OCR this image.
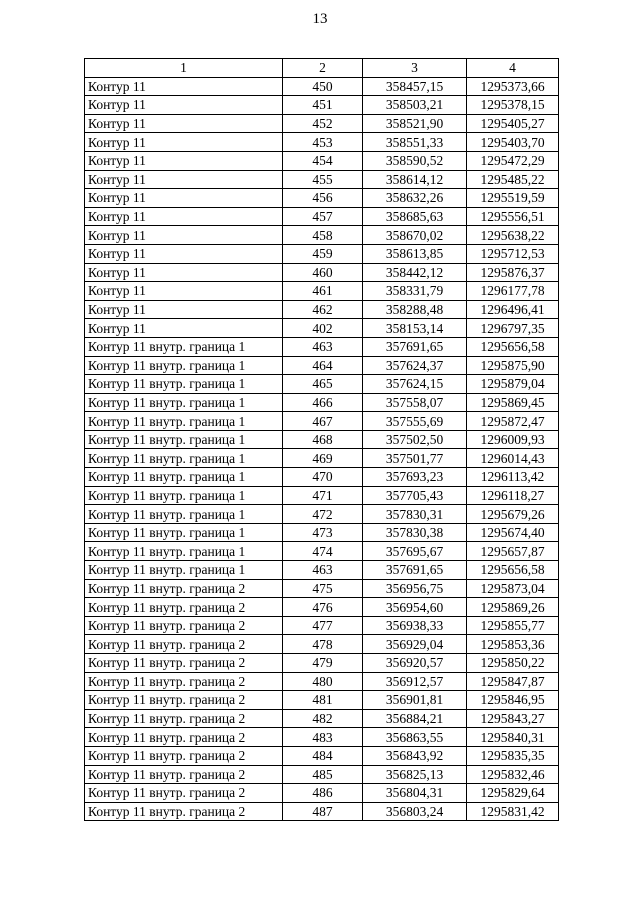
13
1	2	3	4
Контур 11	450	358457,15	1295373,66
Контур 11	451	358503,21	1295378,15
Контур 11	452	358521,90	1295405,27
Контур 11	453	358551,33	1295403,70
Контур 11	454	358590,52	1295472,29
Контур 11	455	358614,12	1295485,22
Контур 11	456	358632,26	1295519,59
Контур 11	457	358685,63	1295556,51
Контур 11	458	358670,02	1295638,22
Контур 11	459	358613,85	1295712,53
Контур 11	460	358442,12	1295876,37
Контур 11	461	358331,79	1296177,78
Контур 11	462	358288,48	1296496,41
Контур 11	402	358153,14	1296797,35
Контур 11 внутр. граница 1	463	357691,65	1295656,58
Контур 11 внутр. граница 1	464	357624,37	1295875,90
Контур 11 внутр. граница 1	465	357624,15	1295879,04
Контур 11 внутр. граница 1	466	357558,07	1295869,45
Контур 11 внутр. граница 1	467	357555,69	1295872,47
Контур 11 внутр. граница 1	468	357502,50	1296009,93
Контур 11 внутр. граница 1	469	357501,77	1296014,43
Контур 11 внутр. граница 1	470	357693,23	1296113,42
Контур 11 внутр. граница 1	471	357705,43	1296118,27
Контур 11 внутр. граница 1	472	357830,31	1295679,26
Контур 11 внутр. граница 1	473	357830,38	1295674,40
Контур 11 внутр. граница 1	474	357695,67	1295657,87
Контур 11 внутр. граница 1	463	357691,65	1295656,58
Контур 11 внутр. граница 2	475	356956,75	1295873,04
Контур 11 внутр. граница 2	476	356954,60	1295869,26
Контур 11 внутр. граница 2	477	356938,33	1295855,77
Контур 11 внутр. граница 2	478	356929,04	1295853,36
Контур 11 внутр. граница 2	479	356920,57	1295850,22
Контур 11 внутр. граница 2	480	356912,57	1295847,87
Контур 11 внутр. граница 2	481	356901,81	1295846,95
Контур 11 внутр. граница 2	482	356884,21	1295843,27
Контур 11 внутр. граница 2	483	356863,55	1295840,31
Контур 11 внутр. граница 2	484	356843,92	1295835,35
Контур 11 внутр. граница 2	485	356825,13	1295832,46
Контур 11 внутр. граница 2	486	356804,31	1295829,64
Контур 11 внутр. граница 2	487	356803,24	1295831,42
